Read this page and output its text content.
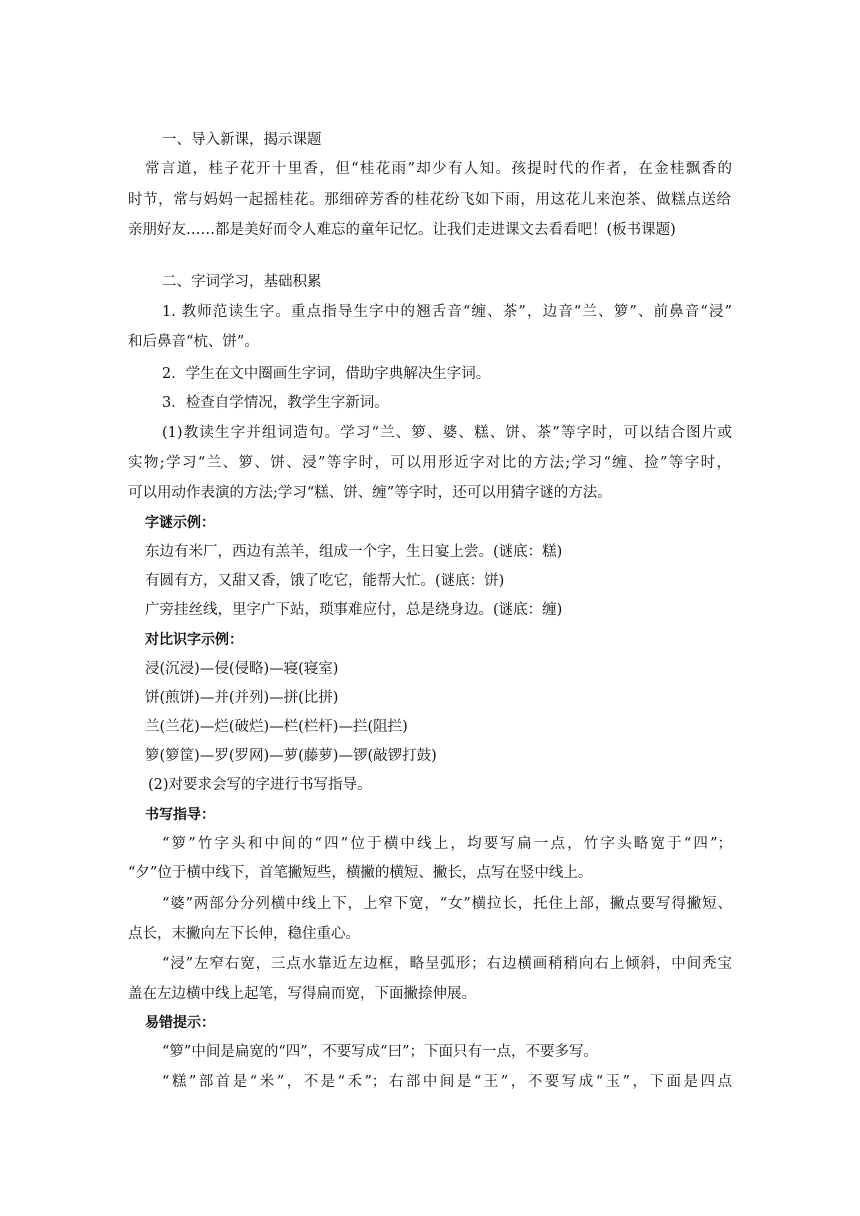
一、导入新课，揭示课题
常言道，桂子花开十里香，但“桂花雨”却少有人知。孩提时代的作者，在金桂飘香的
时节，常与妈妈一起摇桂花。那细碎芳香的桂花纷飞如下雨，用这花儿来泡茶、做糕点送给
亲朋好友……都是美好而令人难忘的童年记忆。让我们走进课文去看看吧！(板书课题)
二、字词学习，基础积累
1. 教师范读生字。重点指导生字中的翘舌音“缠、茶”，边音“兰、箩”、前鼻音“浸”
和后鼻音“杭、饼”。
2．学生在文中圈画生字词，借助字典解决生字词。
3．检查自学情况，教学生字新词。
(1)教读生字并组词造句。学习“兰、箩、婆、糕、饼、茶”等字时，可以结合图片或
实物;学习“兰、箩、饼、浸”等字时，可以用形近字对比的方法;学习“缠、捡”等字时，
可以用动作表演的方法;学习“糕、饼、缠”等字时，还可以用猜字谜的方法。
字谜示例：
东边有米厂，西边有羔羊，组成一个字，生日宴上尝。(谜底：糕)
有圆有方，又甜又香，饿了吃它，能帮大忙。(谜底：饼)
广旁挂丝线，里字广下站，琐事难应付，总是绕身边。(谜底：缠)
对比识字示例：
浸(沉浸)—侵(侵略)—寝(寝室)
饼(煎饼)—并(并列)—拼(比拼)
兰(兰花)—烂(破烂)—栏(栏杆)—拦(阻拦)
箩(箩筐)—罗(罗网)—萝(藤萝)—锣(敲锣打鼓)
(2)对要求会写的字进行书写指导。
书写指导：
“箩”竹字头和中间的“四”位于横中线上，均要写扁一点，竹字头略宽于“四”；
“夕”位于横中线下，首笔撇短些，横撇的横短、撇长，点写在竖中线上。
“婆”两部分分列横中线上下，上窄下宽，“女”横拉长，托住上部，撇点要写得撇短、
点长，末撇向左下长伸，稳住重心。
“浸”左窄右宽，三点水靠近左边框，略呈弧形；右边横画稍稍向右上倾斜，中间秃宝
盖在左边横中线上起笔，写得扁而宽，下面撇捺伸展。
易错提示：
“箩”中间是扁宽的“四”，不要写成“曰”；下面只有一点，不要多写。
“糕”部首是“米”，不是“禾”；右部中间是“王”，不要写成“玉”，下面是四点
